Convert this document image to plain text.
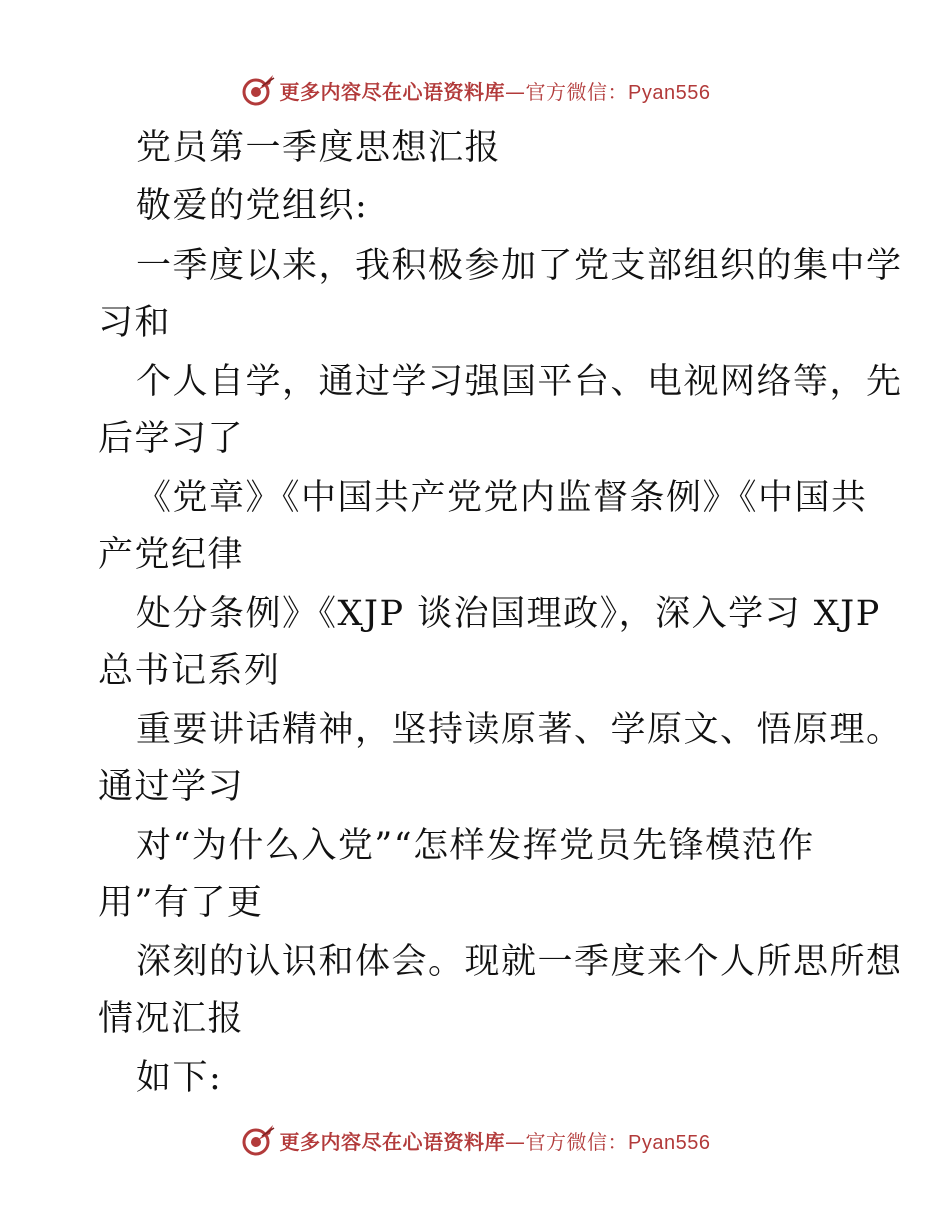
更多内容尽在心语资料库—官方微信：Pyan556
党员第一季度思想汇报
敬爱的党组织:
一季度以来，我积极参加了党支部组织的集中学
习和
个人自学，通过学习强国平台、电视网络等，先
后学习了
《党章》《中国共产党党内监督条例》《中国共
产党纪律
处分条例》《XJP 谈治国理政》，深入学习 XJP
总书记系列
重要讲话精神，坚持读原著、学原文、悟原理。
通过学习
对“为什么入党”“怎样发挥党员先锋模范作
用”有了更
深刻的认识和体会。现就一季度来个人所思所想
情况汇报
如下:
更多内容尽在心语资料库—官方微信：Pyan556
